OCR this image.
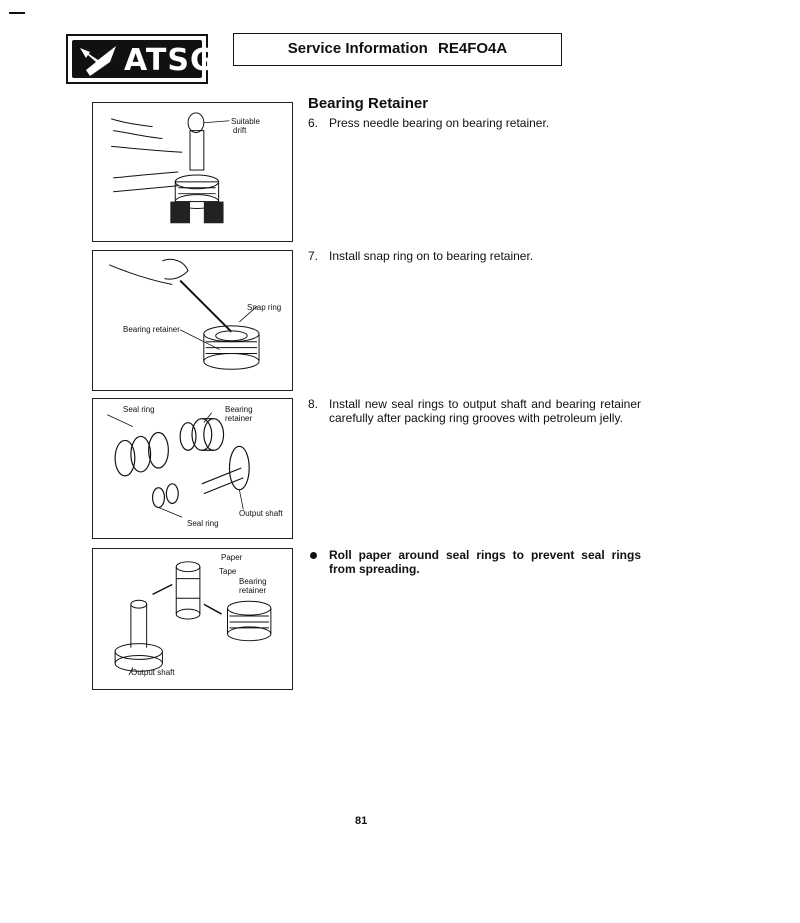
ATSG	Service Information RE4FO4A
Suitable
drift
Snap ring
Bearing retainer
Seal ring	Bearing
retainer
Output shaft
Seal ring
Paper
Tape
Bearing
retainer
Output shaft
Bearing Retainer
6. Press needle bearing on bearing retainer.
7. Install snap ring on to bearing retainer.
8. Install new seal rings to output shaft and bearing retainer carefully after packing ring grooves with petroleum jelly.
Roll paper around seal rings to prevent seal rings from spreading.
81
